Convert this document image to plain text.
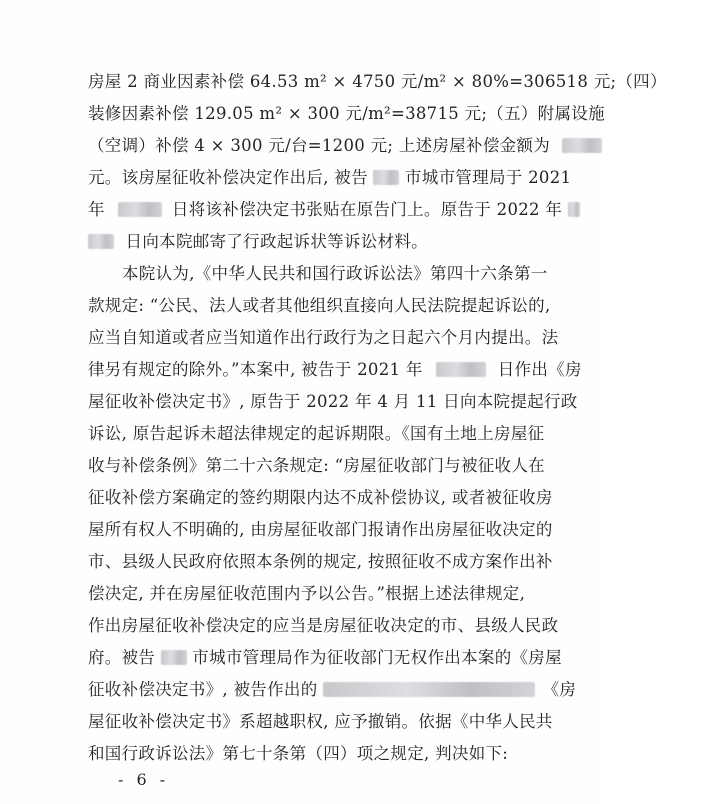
房屋 2 商业因素补偿 64.53 m² × 4750 元/m² × 80%=306518 元;（四）
装修因素补偿 129.05 m² × 300 元/m²=38715 元;（五）附属设施
（空调）补偿 4 × 300 元/台=1200 元; 上述房屋补偿金额为
元。该房屋征收补偿决定作出后, 被告 市城市管理局于 2021
年	日将该补偿决定书张贴在原告门上。原告于 2022 年
日向本院邮寄了行政起诉状等诉讼材料。
本院认为,《中华人民共和国行政诉讼法》第四十六条第一
款规定: “公民、法人或者其他组织直接向人民法院提起诉讼的,
应当自知道或者应当知道作出行政行为之日起六个月内提出。法
律另有规定的除外。”本案中, 被告于 2021 年	日作出《房
屋征收补偿决定书》, 原告于 2022 年 4 月 11 日向本院提起行政
诉讼, 原告起诉未超法律规定的起诉期限。《国有土地上房屋征
收与补偿条例》第二十六条规定: “房屋征收部门与被征收人在
征收补偿方案确定的签约期限内达不成补偿协议, 或者被征收房
屋所有权人不明确的, 由房屋征收部门报请作出房屋征收决定的
市、县级人民政府依照本条例的规定, 按照征收不成方案作出补
偿决定, 并在房屋征收范围内予以公告。”根据上述法律规定,
作出房屋征收补偿决定的应当是房屋征收决定的市、县级人民政
府。被告 市城市管理局作为征收部门无权作出本案的《房屋
征收补偿决定书》, 被告作出的	《房
屋征收补偿决定书》系超越职权, 应予撤销。依据《中华人民共
和国行政诉讼法》第七十条第（四）项之规定, 判决如下:
- 6 -
